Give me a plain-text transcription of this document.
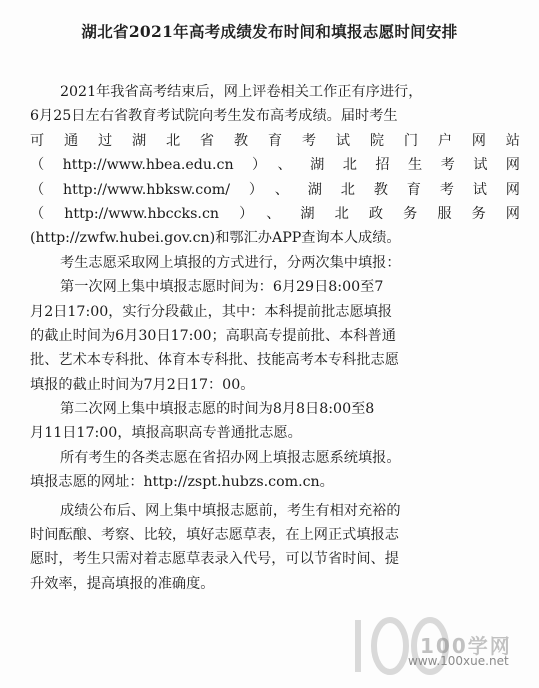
湖北省2021年高考成绩发布时间和填报志愿时间安排
2021年我省高考结束后，网上评卷相关工作正有序进行，
6月25日左右省教育考试院向考生发布高考成绩。届时考生
可通过湖北省教育考试院门户网站
（http://www.hbea.edu.cn）、湖北招生考试网
（http://www.hbksw.com/）、湖北教育考试网
（http://www.hbccks.cn）、湖北政务服务网
(http://zwfw.hubei.gov.cn)和鄂汇办APP查询本人成绩。
考生志愿采取网上填报的方式进行，分两次集中填报：
第一次网上集中填报志愿时间为：6月29日8:00至7
月2日17:00，实行分段截止，其中：本科提前批志愿填报
的截止时间为6月30日17:00；高职高专提前批、本科普通
批、艺术本专科批、体育本专科批、技能高考本专科批志愿
填报的截止时间为7月2日17：00。
第二次网上集中填报志愿的时间为8月8日8:00至8
月11日17:00，填报高职高专普通批志愿。
所有考生的各类志愿在省招办网上填报志愿系统填报。
填报志愿的网址：http://zspt.hubzs.com.cn。
成绩公布后、网上集中填报志愿前，考生有相对充裕的
时间酝酿、考察、比较，填好志愿草表，在上网正式填报志
愿时，考生只需对着志愿草表录入代号，可以节省时间、提
升效率，提高填报的准确度。
100学网
www.100xue.net
